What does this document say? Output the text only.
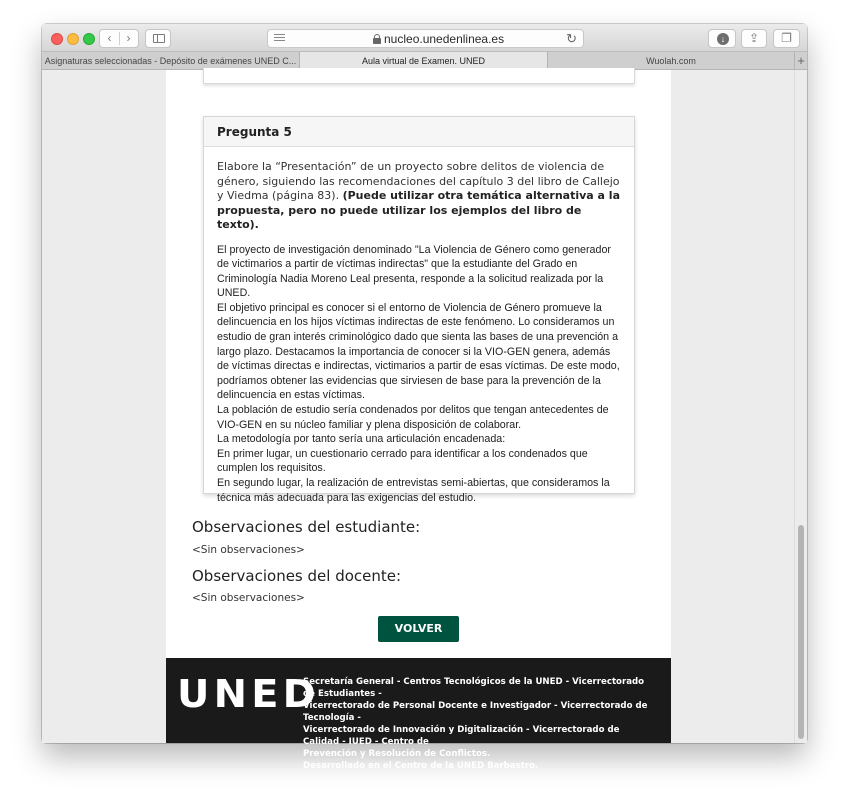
‹ ›	nucleo.unedenlinea.es	↻	↓	⇪	❐
Asignaturas seleccionadas - Depósito de exámenes UNED C...	Aula virtual de Examen. UNED	Wuolah.com	+
Pregunta 5
Elabore la “Presentación” de un proyecto sobre delitos de violencia de género, siguiendo las recomendaciones del capítulo 3 del libro de Callejo y Viedma (página 83). (Puede utilizar otra temática alternativa a la propuesta, pero no puede utilizar los ejemplos del libro de texto).

El proyecto de investigación denominado "La Violencia de Género como generador de victimarios a partir de víctimas indirectas" que la estudiante del Grado en Criminología Nadia Moreno Leal presenta, responde a la solicitud realizada por la UNED.

El objetivo principal es conocer si el entorno de Violencia de Género promueve la delincuencia en los hijos víctimas indirectas de este fenómeno. Lo consideramos un estudio de gran interés criminológico dado que sienta las bases de una prevención a largo plazo. Destacamos la importancia de conocer si la VIO-GEN genera, además de víctimas directas e indirectas, victimarios a partir de esas víctimas. De este modo, podríamos obtener las evidencias que sirviesen de base para la prevención de la delincuencia en estas víctimas.

La población de estudio sería condenados por delitos que tengan antecedentes de VIO-GEN en su núcleo familiar y plena disposición de colaborar.

La metodología por tanto sería una articulación encadenada:

En primer lugar, un cuestionario cerrado para identificar a los condenados que cumplen los requisitos.

En segundo lugar, la realización de entrevistas semi-abiertas, que consideramos la técnica más adecuada para las exigencias del estudio.

Observaciones del estudiante:
<Sin observaciones>
Observaciones del docente:
<Sin observaciones>
VOLVER
UNED
Secretaría General - Centros Tecnológicos de la UNED - Vicerrectorado de Estudiantes -
Vicerrectorado de Personal Docente e Investigador - Vicerrectorado de Tecnología -
Vicerrectorado de Innovación y Digitalización - Vicerrectorado de Calidad - IUED - Centro de
Prevención y Resolución de Conflictos.
Desarrollado en el Centro de la UNED Barbastro.
